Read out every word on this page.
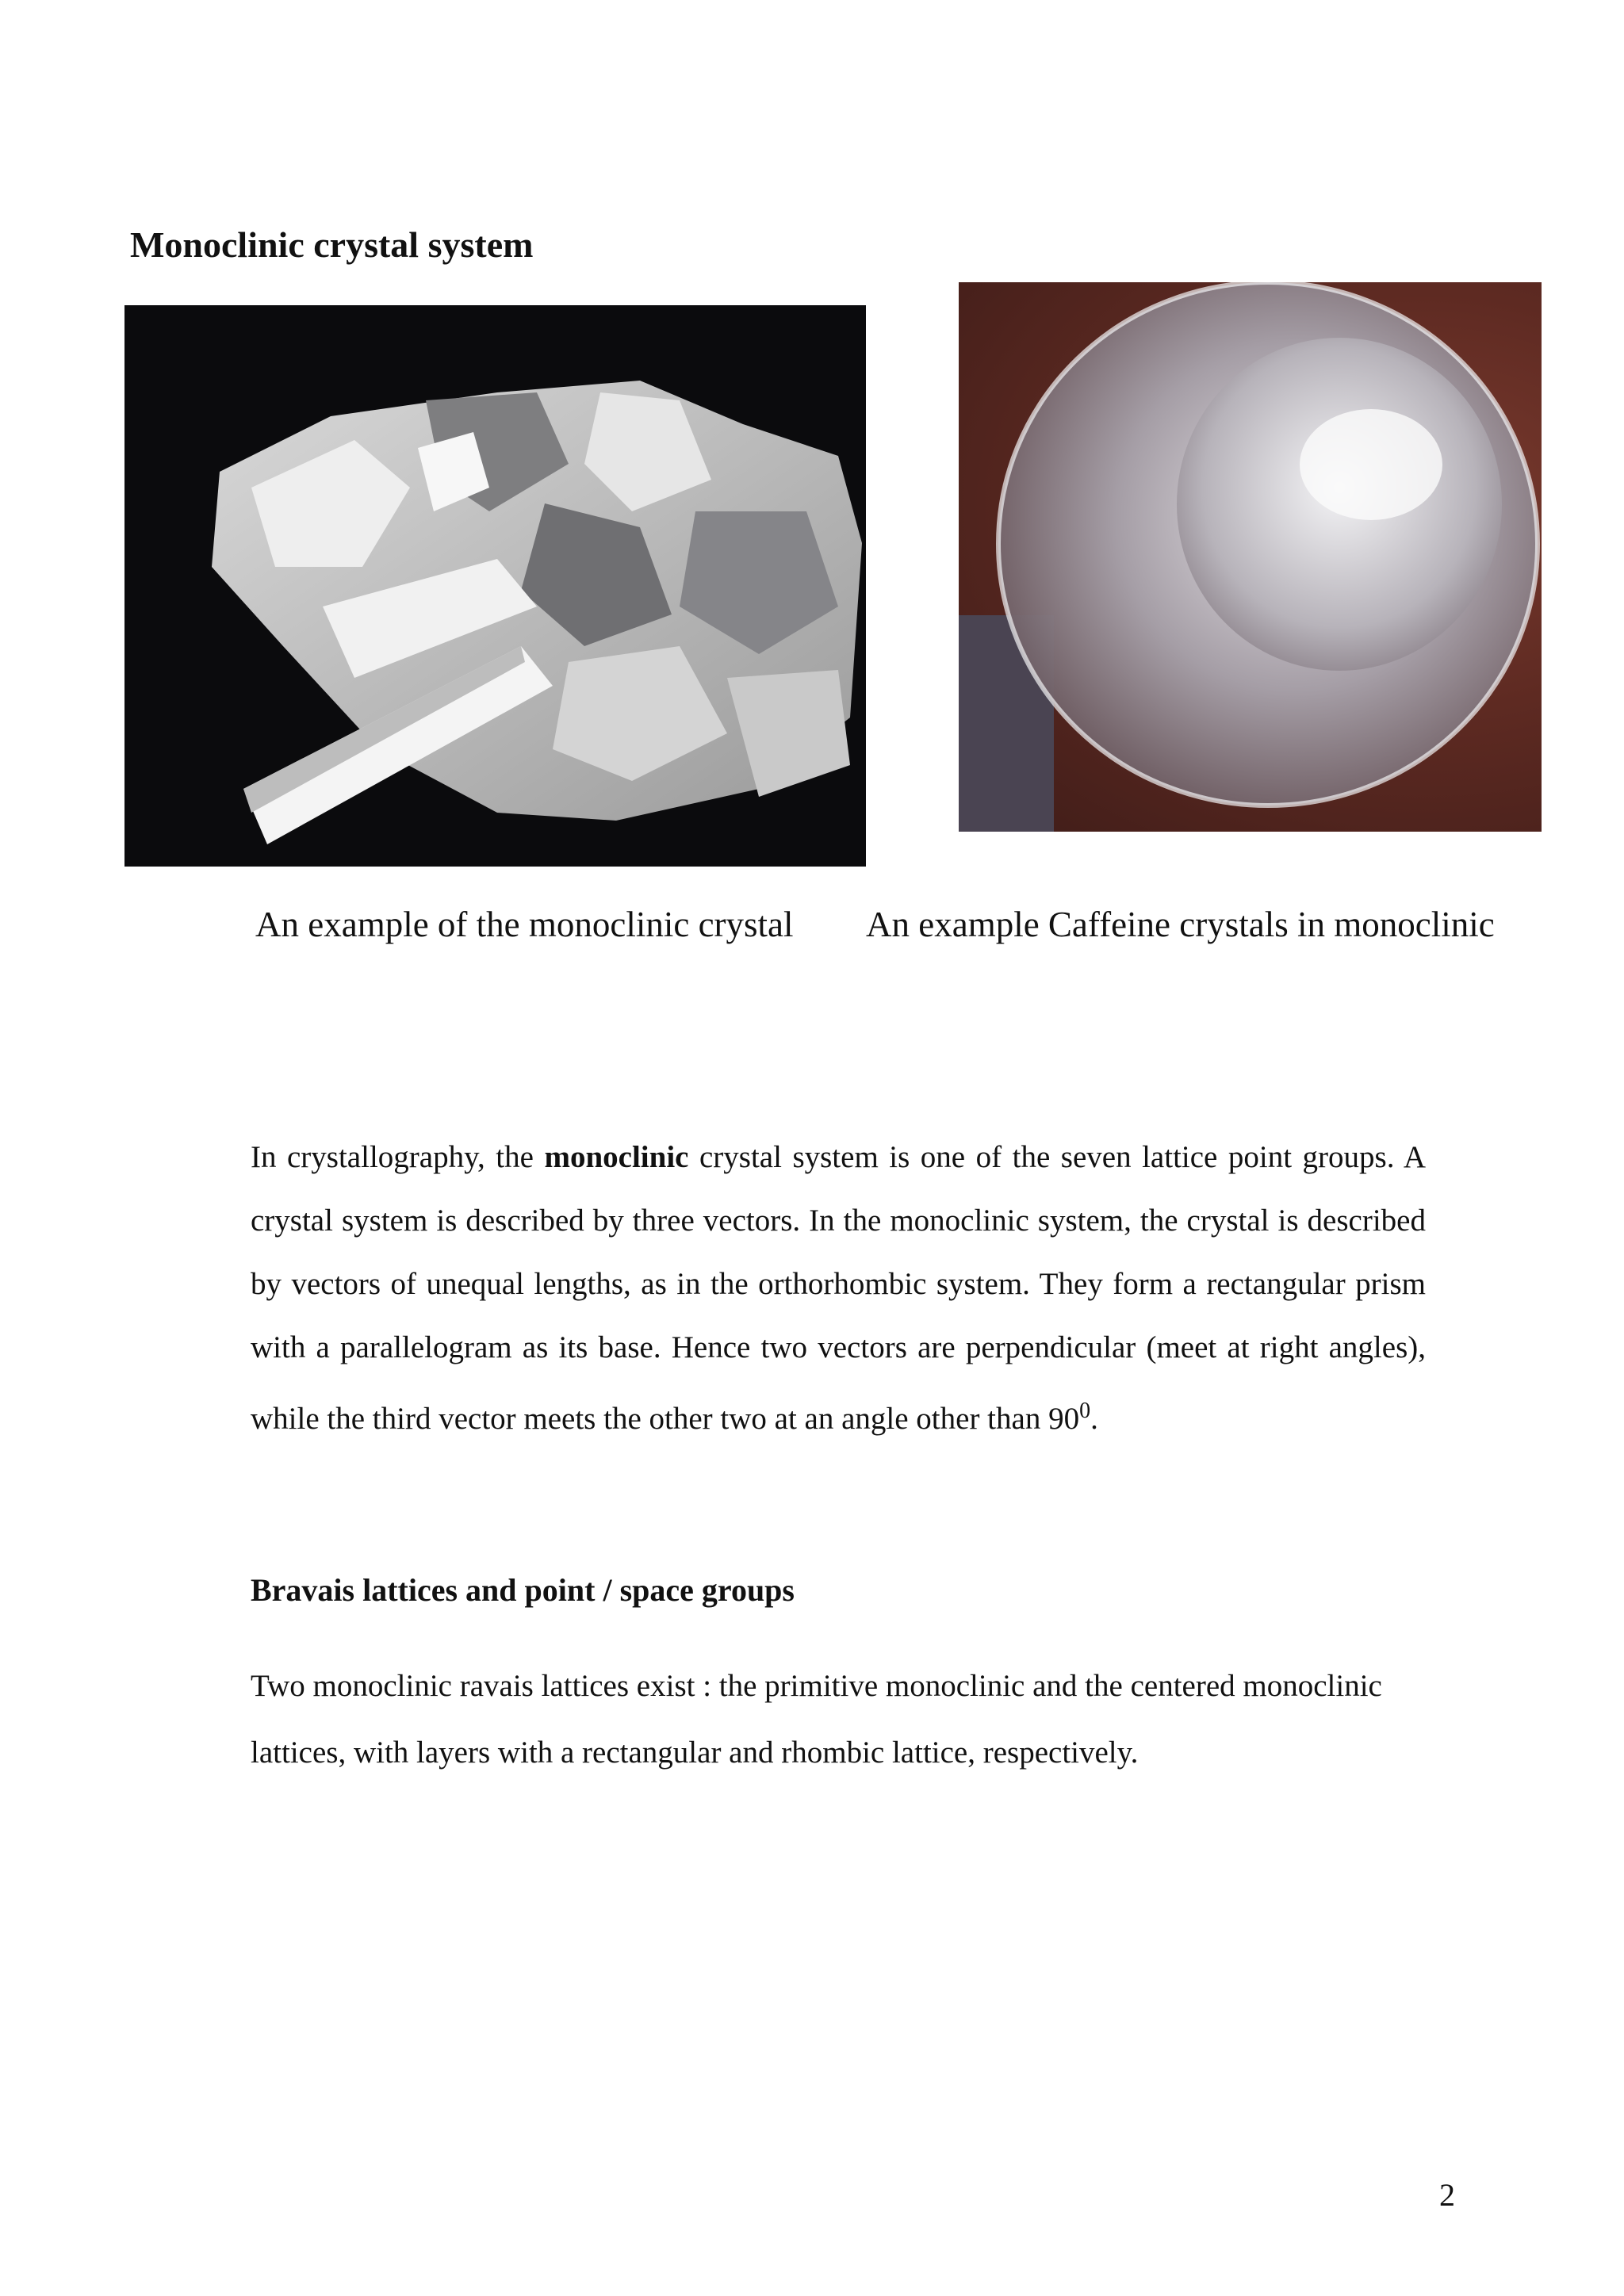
Monoclinic crystal system
An example of the monoclinic crystal An example Caffeine crystals in monoclinic
In crystallography, the monoclinic crystal system is one of the seven lattice point groups. A crystal system is described by three vectors. In the monoclinic system, the crystal is described by vectors of unequal lengths, as in the orthorhombic system. They form a rectangular prism with a parallelogram as its base. Hence two vectors are perpendicular (meet at right angles), while the third vector meets the other two at an angle other than $90^0$.
Bravais lattices and point / space groups
Two monoclinic ravais lattices exist : the primitive monoclinic and the centered monoclinic lattices, with layers with a rectangular and rhombic lattice, respectively.
2
